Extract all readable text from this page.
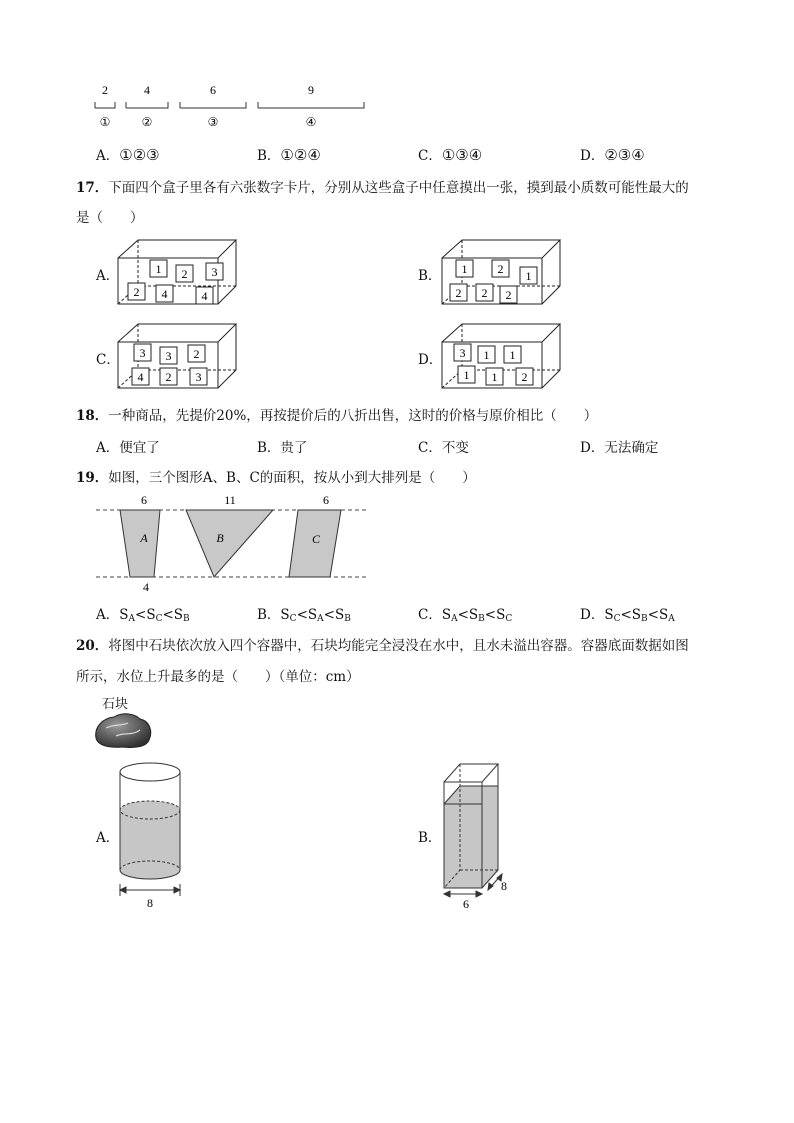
2	4	6	9
①	②	③	④
A．①②③	B．①②④	C．①③④	D．②③④
17．下面四个盒子里各有六张数字卡片，分别从这些盒子中任意摸出一张，摸到最小质数可能性最大的
是（　　）
A．	1 2 3
2 4	4
B． 1	2 1
2 2 2
C． 3 3 2
4 2 3
D． 3 1 1
1 1 2
18．一种商品，先提价20%，再按提价后的八折出售，这时的价格与原价相比（　　）
A．便宜了	B．贵了	C．不变	D．无法确定
19．如图，三个图形A、B、C的面积，按从小到大排列是（　　）
6	11	6
4
A	B	C
A．$S_A<S_C<S_B$	B．$S_C<S_A<S_B$	C．$S_A<S_B<S_C$	D．$S_C<S_B<S_A$
20．将图中石块依次放入四个容器中，石块均能完全浸没在水中，且水未溢出容器。容器底面数据如图
所示，水位上升最多的是（　　）（单位：cm）
石块
A．
8
B．
6
8
